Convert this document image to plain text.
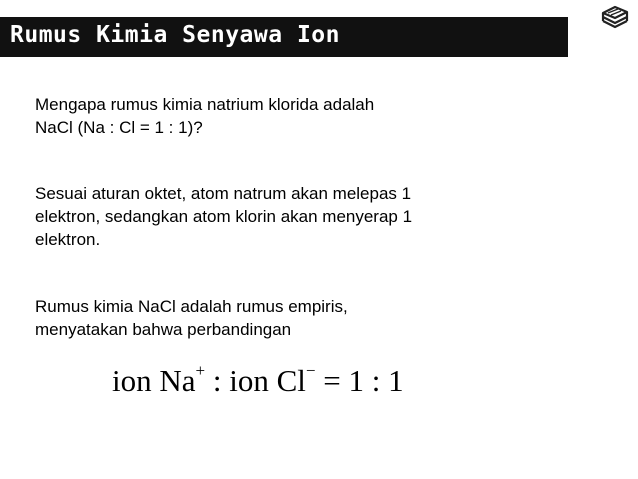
Rumus Kimia Senyawa Ion
Mengapa rumus kimia natrium klorida adalah
NaCl (Na : Cl = 1 : 1)?
Sesuai aturan oktet, atom natrum akan melepas 1
elektron, sedangkan atom klorin akan menyerap 1
elektron.
Rumus kimia NaCl adalah rumus empiris,
menyatakan bahwa perbandingan
ion Na+ : ion Cl− = 1 : 1
